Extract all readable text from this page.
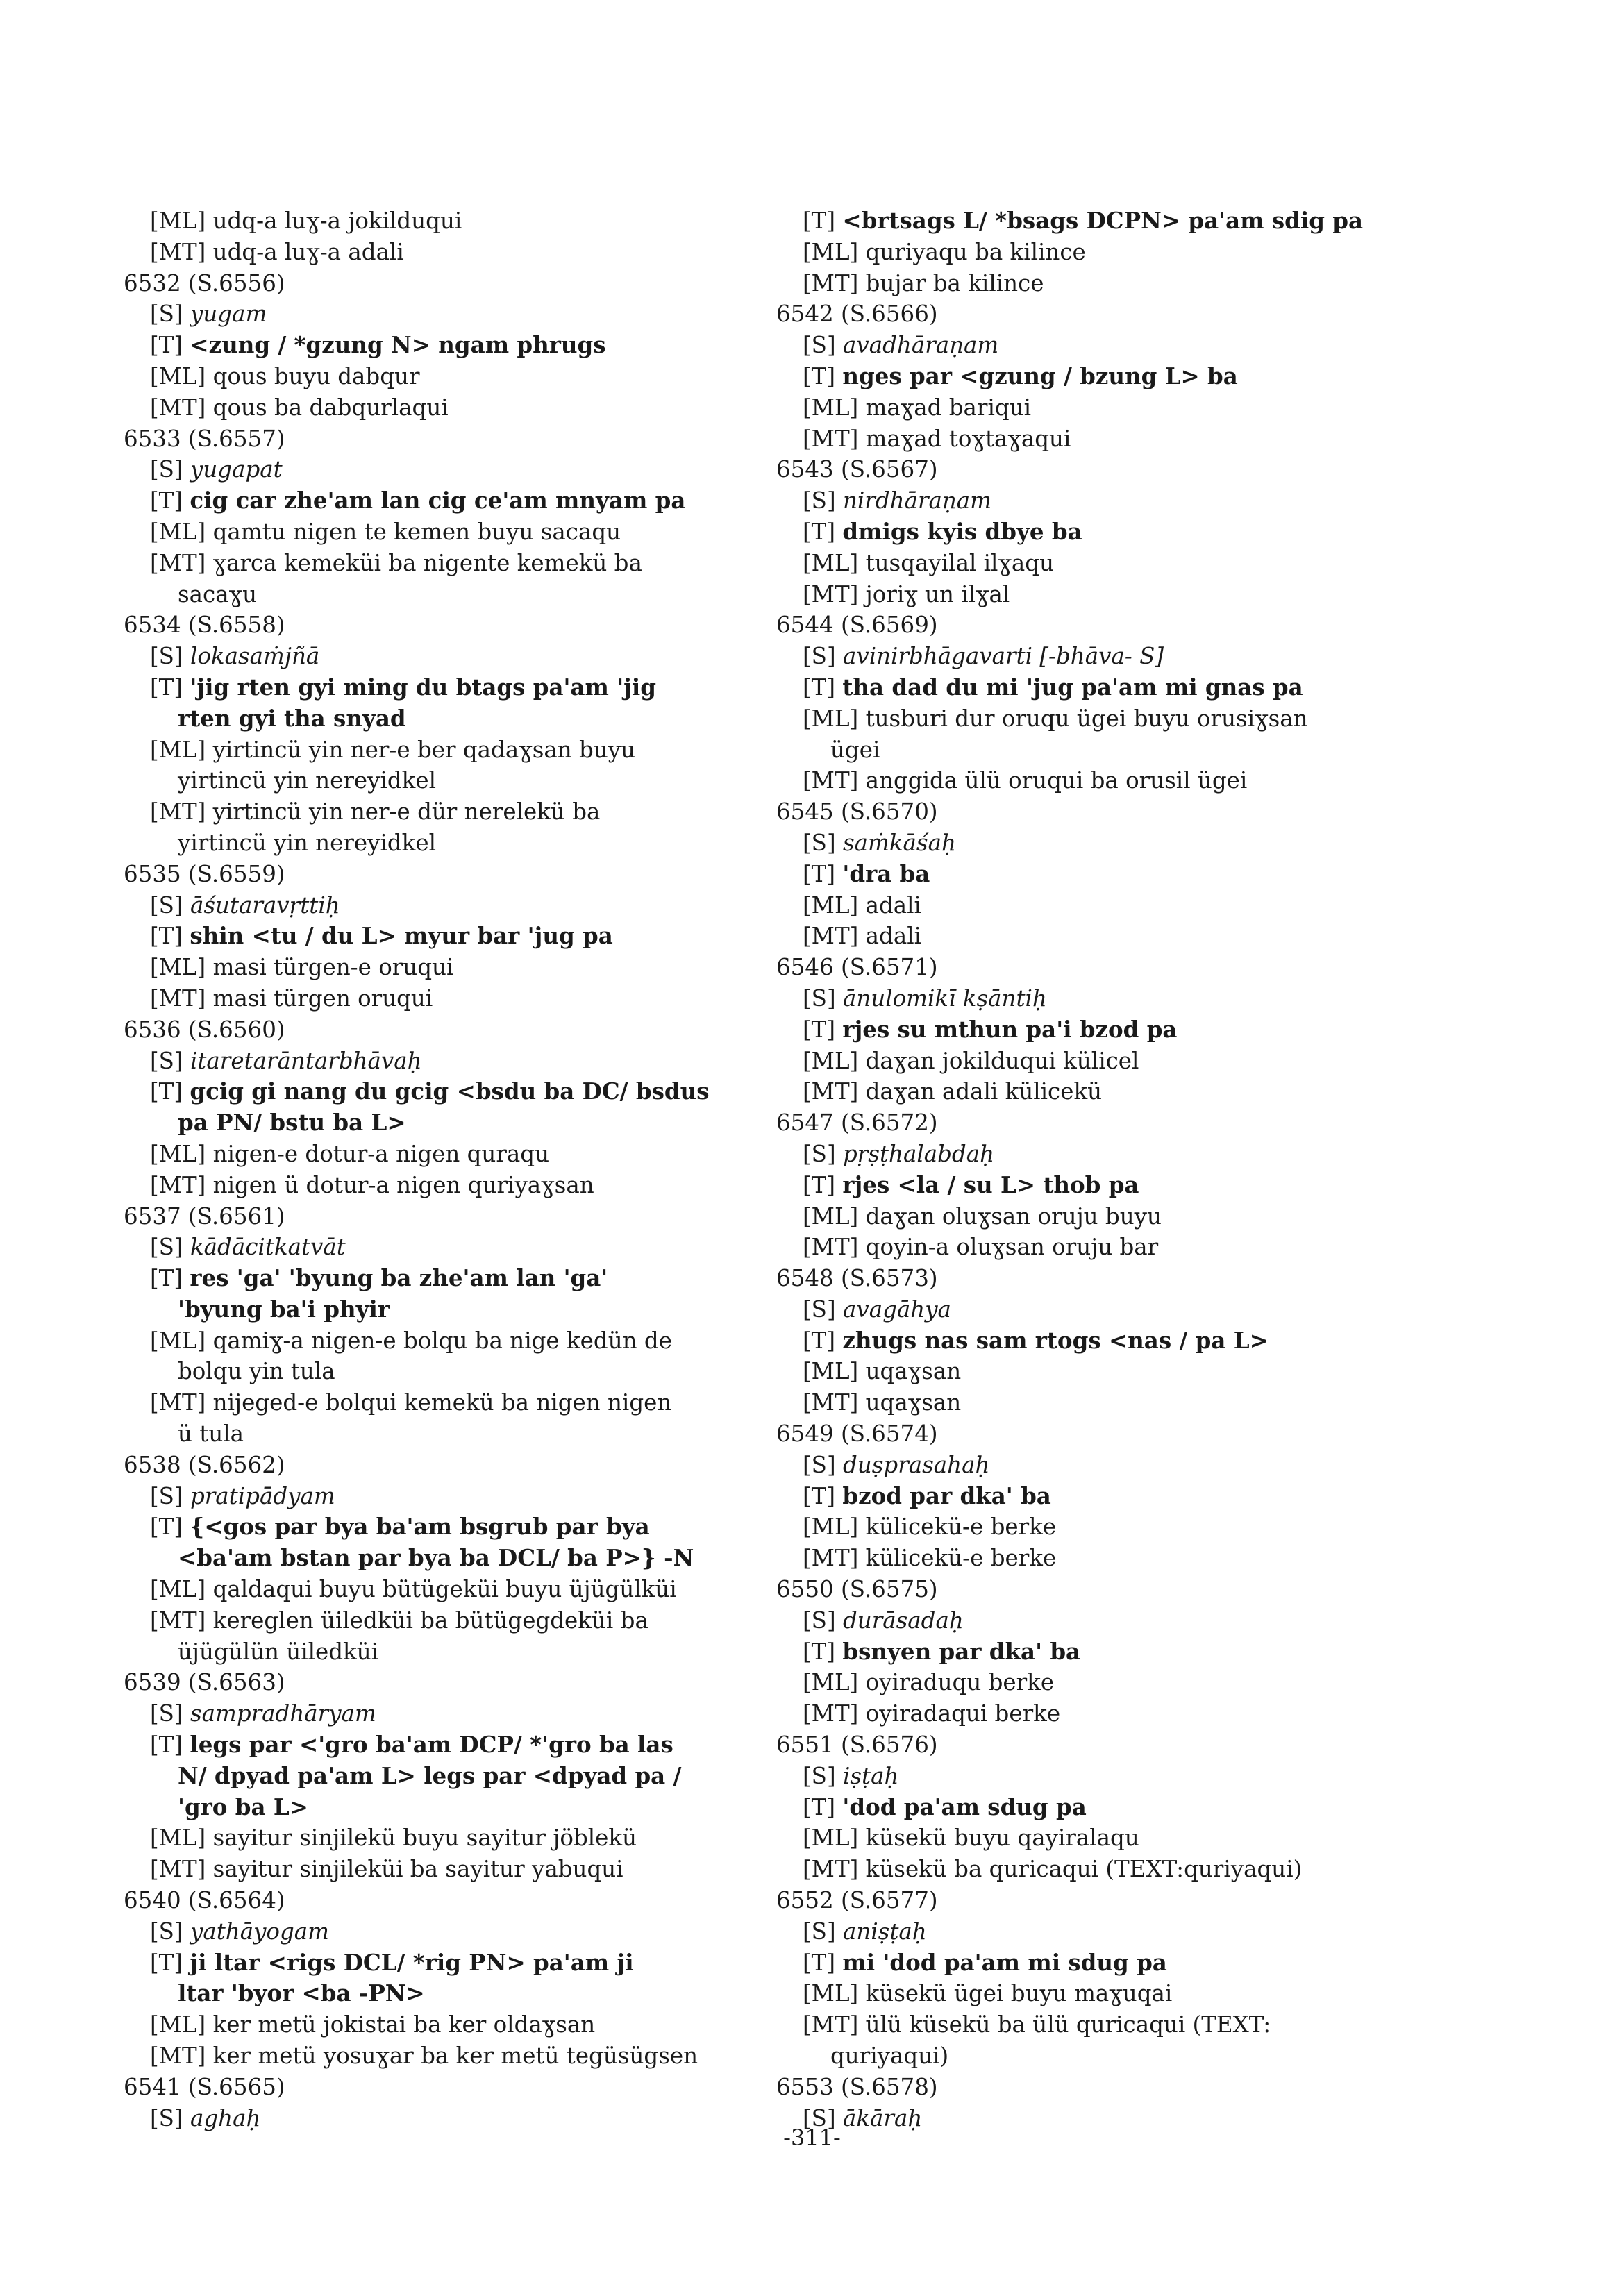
[ML] udq-a luɣ-a jokilduqui
[MT] udq-a luɣ-a adali
6532 (S.6556)
[S] yugam
[T] <zung / *gzung N> ngam phrugs
[ML] qous buyu dabqur
[MT] qous ba dabqurlaqui
6533 (S.6557)
[S] yugapat
[T] cig car zhe'am lan cig ce'am mnyam pa
[ML] qamtu nigen te kemen buyu sacaqu
[MT] ɣarca kemeküi ba nigente kemekü ba
sacaɣu
6534 (S.6558)
[S] lokasaṁjñā
[T] 'jig rten gyi ming du btags pa'am 'jig
rten gyi tha snyad
[ML] yirtincü yin ner-e ber qadaɣsan buyu
yirtincü yin nereyidkel
[MT] yirtincü yin ner-e dür nerelekü ba
yirtincü yin nereyidkel
6535 (S.6559)
[S] āśutaravṛttiḥ
[T] shin <tu / du L> myur bar 'jug pa
[ML] masi türgen-e oruqui
[MT] masi türgen oruqui
6536 (S.6560)
[S] itaretarāntarbhāvaḥ
[T] gcig gi nang du gcig <bsdu ba DC/ bsdus
pa PN/ bstu ba L>
[ML] nigen-e dotur-a nigen quraqu
[MT] nigen ü dotur-a nigen quriyaɣsan
6537 (S.6561)
[S] kādācitkatvāt
[T] res 'ga' 'byung ba zhe'am lan 'ga'
'byung ba'i phyir
[ML] qamiɣ-a nigen-e bolqu ba nige kedün de
bolqu yin tula
[MT] nijeged-e bolqui kemekü ba nigen nigen
ü tula
6538 (S.6562)
[S] pratipādyam
[T] {<gos par bya ba'am bsgrub par bya
<ba'am bstan par bya ba DCL/ ba P>} -N
[ML] qaldaqui buyu bütügeküi buyu üjügülküi
[MT] kereglen üiledküi ba bütügegdeküi ba
üjügülün üiledküi
6539 (S.6563)
[S] sampradhāryam
[T] legs par <'gro ba'am DCP/ *'gro ba las
N/ dpyad pa'am L> legs par <dpyad pa /
'gro ba L>
[ML] sayitur sinjilekü buyu sayitur jöblekü
[MT] sayitur sinjileküi ba sayitur yabuqui
6540 (S.6564)
[S] yathāyogam
[T] ji ltar <rigs DCL/ *rig PN> pa'am ji
ltar 'byor <ba -PN>
[ML] ker metü jokistai ba ker oldaɣsan
[MT] ker metü yosuɣar ba ker metü tegüsügsen
6541 (S.6565)
[S] aghaḥ
[T] <brtsags L/ *bsags DCPN> pa'am sdig pa
[ML] quriyaqu ba kilince
[MT] bujar ba kilince
6542 (S.6566)
[S] avadhāraṇam
[T] nges par <gzung / bzung L> ba
[ML] maɣad bariqui
[MT] maɣad toɣtaɣaqui
6543 (S.6567)
[S] nirdhāraṇam
[T] dmigs kyis dbye ba
[ML] tusqayilal ilɣaqu
[MT] joriɣ un ilɣal
6544 (S.6569)
[S] avinirbhāgavarti [-bhāva- S]
[T] tha dad du mi 'jug pa'am mi gnas pa
[ML] tusburi dur oruqu ügei buyu orusiɣsan
ügei
[MT] anggida ülü oruqui ba orusil ügei
6545 (S.6570)
[S] saṁkāśaḥ
[T] 'dra ba
[ML] adali
[MT] adali
6546 (S.6571)
[S] ānulomikī kṣāntiḥ
[T] rjes su mthun pa'i bzod pa
[ML] daɣan jokilduqui külicel
[MT] daɣan adali külicekü
6547 (S.6572)
[S] pṛṣṭhalabdaḥ
[T] rjes <la / su L> thob pa
[ML] daɣan oluɣsan oruju buyu
[MT] qoyin-a oluɣsan oruju bar
6548 (S.6573)
[S] avagāhya
[T] zhugs nas sam rtogs <nas / pa L>
[ML] uqaɣsan
[MT] uqaɣsan
6549 (S.6574)
[S] duṣprasahaḥ
[T] bzod par dka' ba
[ML] külicekü-e berke
[MT] külicekü-e berke
6550 (S.6575)
[S] durāsadaḥ
[T] bsnyen par dka' ba
[ML] oyiraduqu berke
[MT] oyiradaqui berke
6551 (S.6576)
[S] iṣṭaḥ
[T] 'dod pa'am sdug pa
[ML] küsekü buyu qayiralaqu
[MT] küsekü ba quricaqui (TEXT:quriyaqui)
6552 (S.6577)
[S] aniṣṭaḥ
[T] mi 'dod pa'am mi sdug pa
[ML] küsekü ügei buyu maɣuqai
[MT] ülü küsekü ba ülü quricaqui (TEXT:
quriyaqui)
6553 (S.6578)
[S] ākāraḥ
-311-
